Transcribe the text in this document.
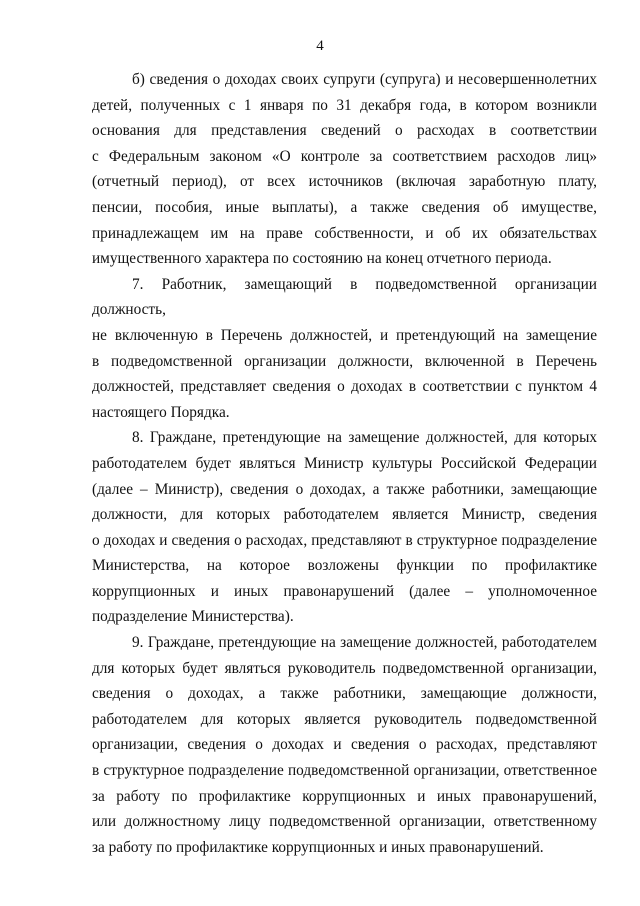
4
б) сведения о доходах своих супруги (супруга) и несовершеннолетних
детей, полученных с 1 января по 31 декабря года, в котором возникли
основания для представления сведений о расходах в соответствии
с Федеральным законом «О контроле за соответствием расходов лиц»
(отчетный период), от всех источников (включая заработную плату,
пенсии, пособия, иные выплаты), а также сведения об имуществе,
принадлежащем им на праве собственности, и об их обязательствах
имущественного характера по состоянию на конец отчетного периода.
7. Работник, замещающий в подведомственной организации должность,
не включенную в Перечень должностей, и претендующий на замещение
в подведомственной организации должности, включенной в Перечень
должностей, представляет сведения о доходах в соответствии с пунктом 4
настоящего Порядка.
8. Граждане, претендующие на замещение должностей, для которых
работодателем будет являться Министр культуры Российской Федерации
(далее – Министр), сведения о доходах, а также работники, замещающие
должности, для которых работодателем является Министр, сведения
о доходах и сведения о расходах, представляют в структурное подразделение
Министерства, на которое возложены функции по профилактике
коррупционных и иных правонарушений (далее – уполномоченное
подразделение Министерства).
9. Граждане, претендующие на замещение должностей, работодателем
для которых будет являться руководитель подведомственной организации,
сведения о доходах, а также работники, замещающие должности,
работодателем для которых является руководитель подведомственной
организации, сведения о доходах и сведения о расходах, представляют
в структурное подразделение подведомственной организации, ответственное
за работу по профилактике коррупционных и иных правонарушений,
или должностному лицу подведомственной организации, ответственному
за работу по профилактике коррупционных и иных правонарушений.
